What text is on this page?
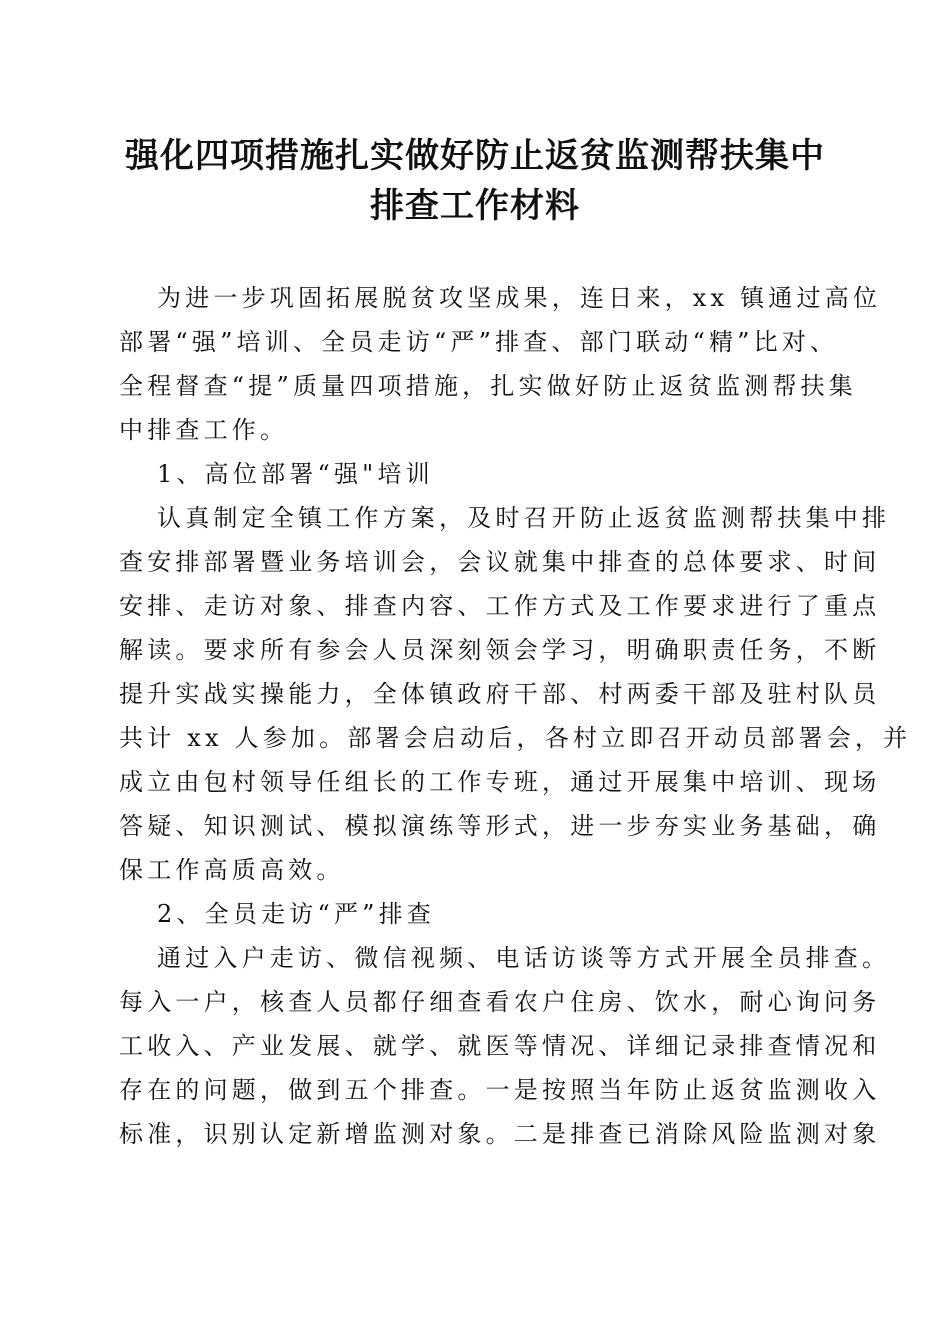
强化四项措施扎实做好防止返贫监测帮扶集中
排查工作材料
为进一步巩固拓展脱贫攻坚成果，连日来，xx 镇通过高位
部署“强”培训、全员走访“严”排查、部门联动“精”比对、
全程督查“提”质量四项措施，扎实做好防止返贫监测帮扶集
中排查工作。
1、高位部署“强"培训
认真制定全镇工作方案，及时召开防止返贫监测帮扶集中排
查安排部署暨业务培训会，会议就集中排查的总体要求、时间
安排、走访对象、排查内容、工作方式及工作要求进行了重点
解读。要求所有参会人员深刻领会学习，明确职责任务，不断
提升实战实操能力，全体镇政府干部、村两委干部及驻村队员
共计 xx 人参加。部署会启动后，各村立即召开动员部署会，并
成立由包村领导任组长的工作专班，通过开展集中培训、现场
答疑、知识测试、模拟演练等形式，进一步夯实业务基础，确
保工作高质高效。
2、全员走访“严”排查
通过入户走访、微信视频、电话访谈等方式开展全员排查。
每入一户，核查人员都仔细查看农户住房、饮水，耐心询问务
工收入、产业发展、就学、就医等情况、详细记录排查情况和
存在的问题，做到五个排查。一是按照当年防止返贫监测收入
标准，识别认定新增监测对象。二是排查已消除风险监测对象
